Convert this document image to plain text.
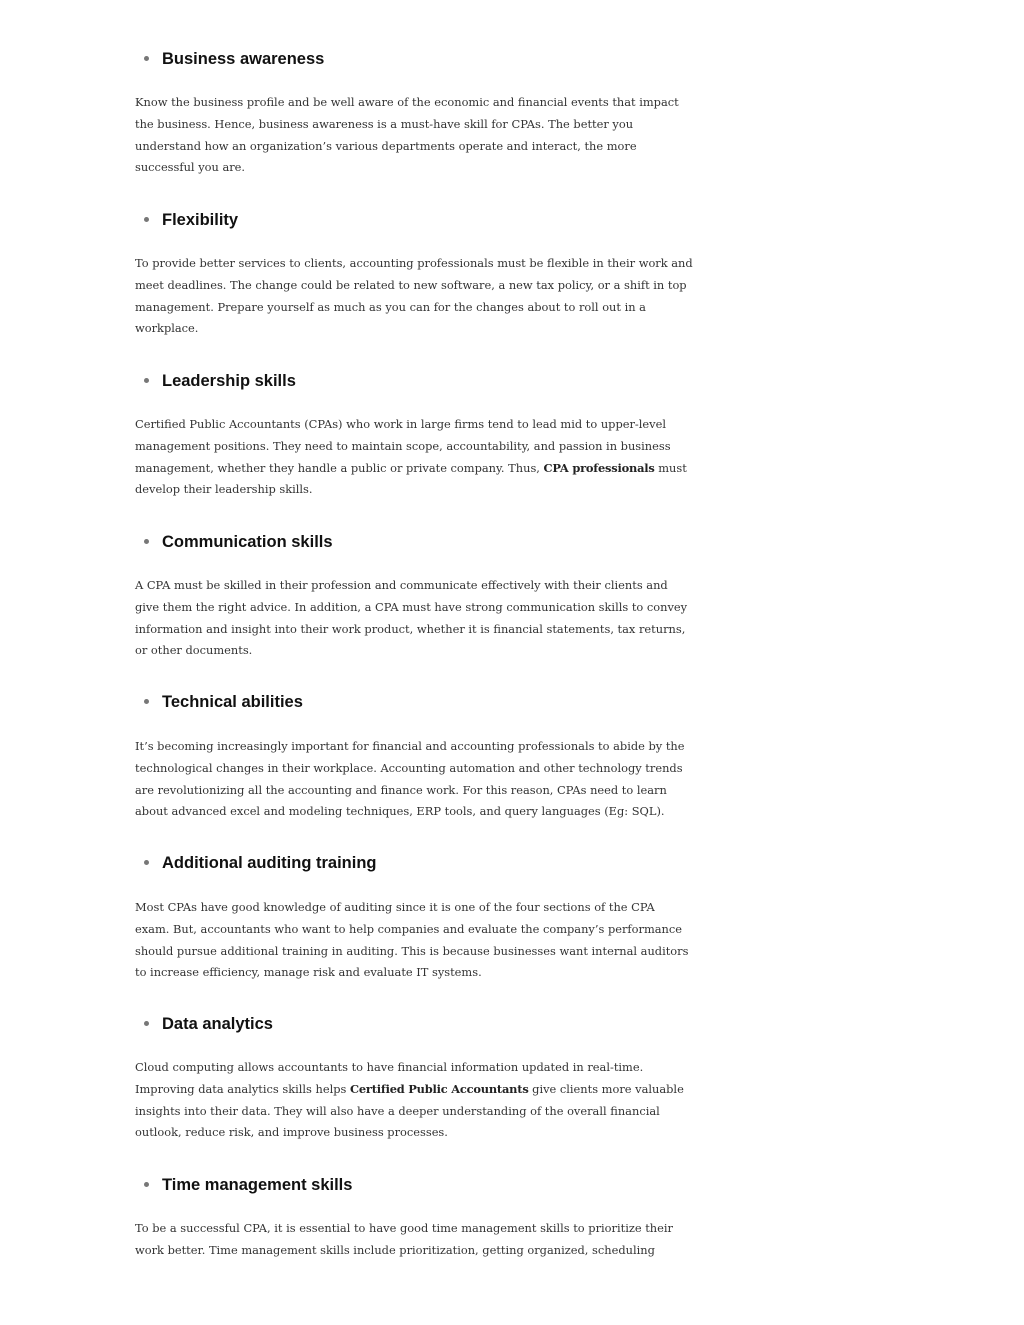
Business awareness

Know the business profile and be well aware of the economic and financial events that impact
the business. Hence, business awareness is a must-have skill for CPAs. The better you
understand how an organization’s various departments operate and interact, the more
successful you are.

Flexibility

To provide better services to clients, accounting professionals must be flexible in their work and
meet deadlines. The change could be related to new software, a new tax policy, or a shift in top
management. Prepare yourself as much as you can for the changes about to roll out in a
workplace.

Leadership skills

Certified Public Accountants (CPAs) who work in large firms tend to lead mid to upper-level
management positions. They need to maintain scope, accountability, and passion in business
management, whether they handle a public or private company. Thus, CPA professionals must
develop their leadership skills.

Communication skills

A CPA must be skilled in their profession and communicate effectively with their clients and
give them the right advice. In addition, a CPA must have strong communication skills to convey
information and insight into their work product, whether it is financial statements, tax returns,
or other documents.

Technical abilities

It’s becoming increasingly important for financial and accounting professionals to abide by the
technological changes in their workplace. Accounting automation and other technology trends
are revolutionizing all the accounting and finance work. For this reason, CPAs need to learn
about advanced excel and modeling techniques, ERP tools, and query languages (Eg: SQL).

Additional auditing training

Most CPAs have good knowledge of auditing since it is one of the four sections of the CPA
exam. But, accountants who want to help companies and evaluate the company’s performance
should pursue additional training in auditing. This is because businesses want internal auditors
to increase efficiency, manage risk and evaluate IT systems.

Data analytics

Cloud computing allows accountants to have financial information updated in real-time.
Improving data analytics skills helps Certified Public Accountants give clients more valuable
insights into their data. They will also have a deeper understanding of the overall financial
outlook, reduce risk, and improve business processes.

Time management skills

To be a successful CPA, it is essential to have good time management skills to prioritize their
work better. Time management skills include prioritization, getting organized, scheduling
